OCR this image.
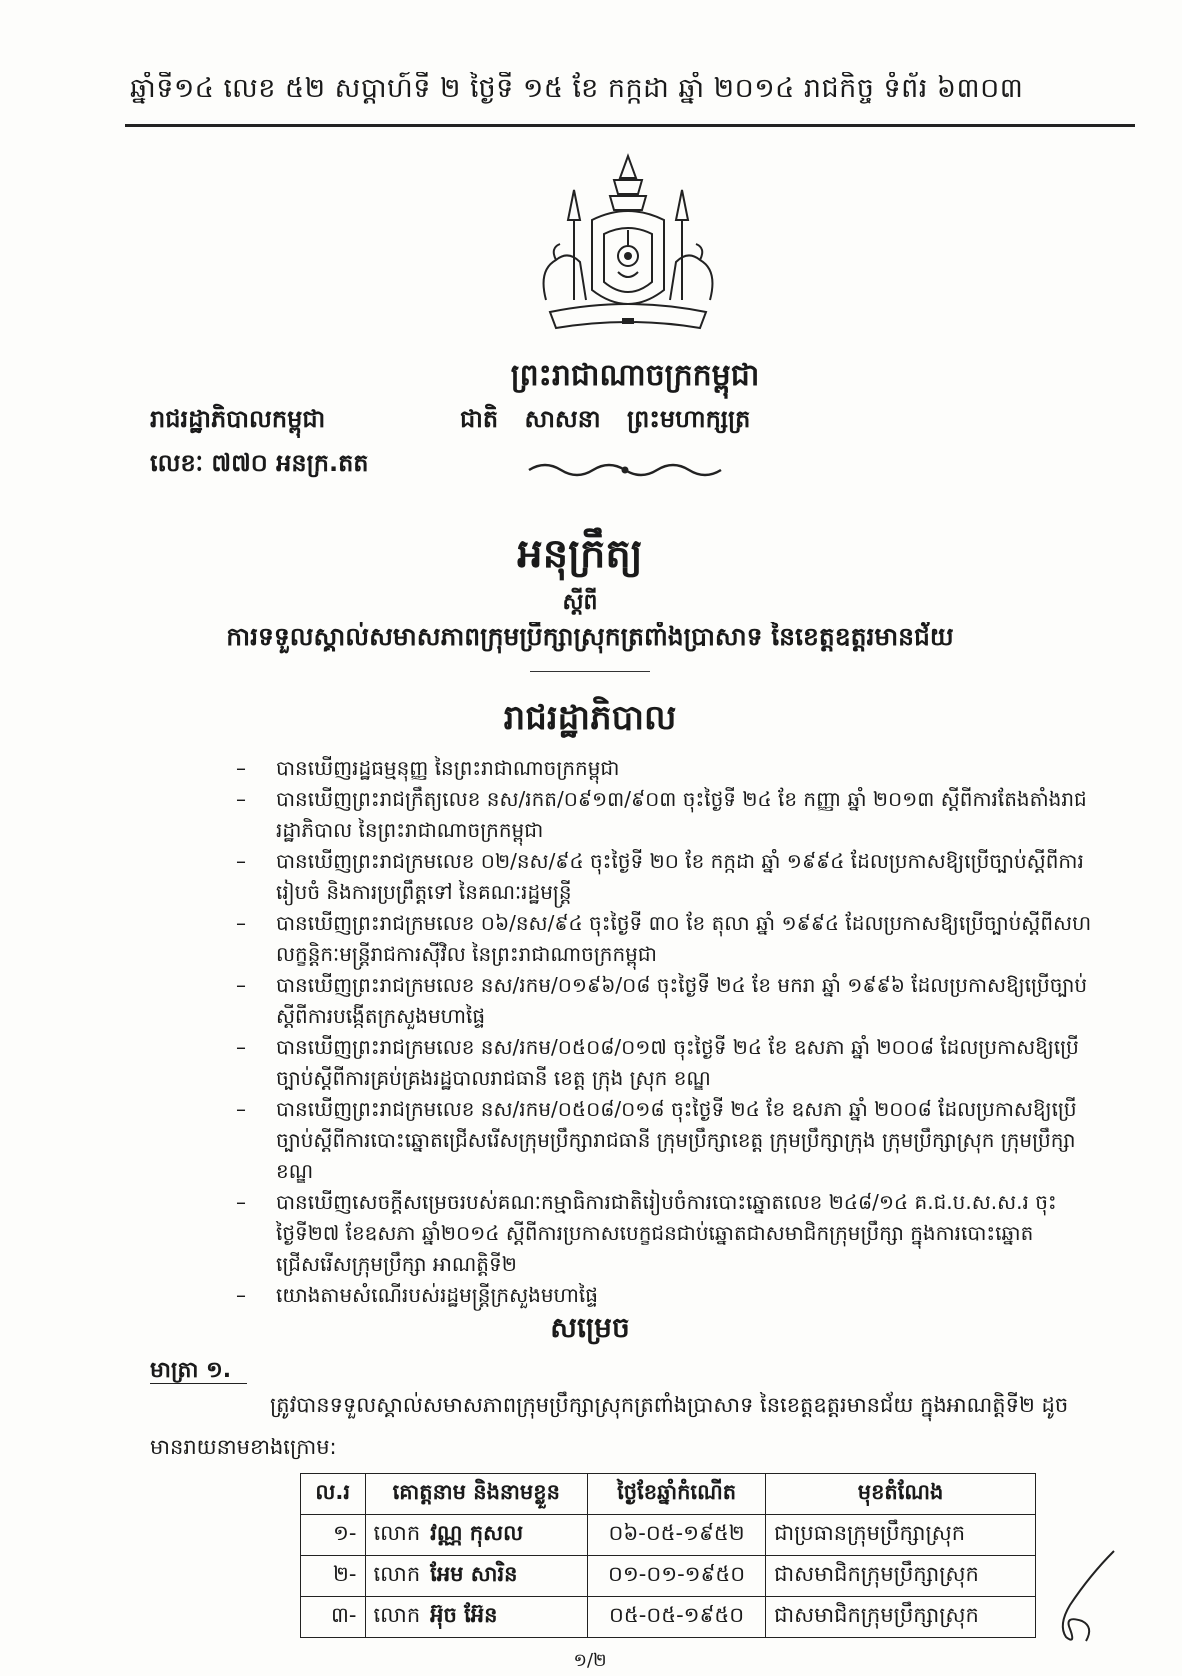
ឆ្នាំទី១៤ លេខ ៥២ សប្តាហ៍ទី ២ ថ្ងៃទី ១៥ ខែ កក្កដា ឆ្នាំ ២០១៤ រាជកិច្ច ទំព័រ ៦៣០៣
ព្រះរាជាណាចក្រកម្ពុជា
រាជរដ្ឋាភិបាលកម្ពុជា
លេខៈ ៧៧០ អនក្រ.តត
ជាតិ សាសនា ព្រះមហាក្សត្រ
អនុក្រឹត្យ
ស្តីពី
ការទទួលស្គាល់សមាសភាពក្រុមប្រឹក្សាស្រុកត្រពាំងប្រាសាទ នៃខេត្តឧត្តរមានជ័យ
រាជរដ្ឋាភិបាល
– បានឃើញរដ្ឋធម្មនុញ្ញ នៃព្រះរាជាណាចក្រកម្ពុជា
– បានឃើញព្រះរាជក្រឹត្យលេខ នស/រកត/០៩១៣/៩០៣ ចុះថ្ងៃទី ២៤ ខែ កញ្ញា ឆ្នាំ ២០១៣ ស្តីពីការតែងតាំងរាជរដ្ឋាភិបាល នៃព្រះរាជាណាចក្រកម្ពុជា
– បានឃើញព្រះរាជក្រមលេខ ០២/នស/៩៤ ចុះថ្ងៃទី ២០ ខែ កក្កដា ឆ្នាំ ១៩៩៤ ដែលប្រកាសឱ្យប្រើច្បាប់ស្តីពីការរៀបចំ និងការប្រព្រឹត្តទៅ នៃគណៈរដ្ឋមន្ត្រី
– បានឃើញព្រះរាជក្រមលេខ ០៦/នស/៩៤ ចុះថ្ងៃទី ៣០ ខែ តុលា ឆ្នាំ ១៩៩៤ ដែលប្រកាសឱ្យប្រើច្បាប់ស្តីពីសហលក្ខន្តិកៈមន្ត្រីរាជការស៊ីវិល នៃព្រះរាជាណាចក្រកម្ពុជា
– បានឃើញព្រះរាជក្រមលេខ នស/រកម/០១៩៦/០៨ ចុះថ្ងៃទី ២៤ ខែ មករា ឆ្នាំ ១៩៩៦ ដែលប្រកាសឱ្យប្រើច្បាប់ស្តីពីការបង្កើតក្រសួងមហាផ្ទៃ
– បានឃើញព្រះរាជក្រមលេខ នស/រកម/០៥០៨/០១៧ ចុះថ្ងៃទី ២៤ ខែ ឧសភា ឆ្នាំ ២០០៨ ដែលប្រកាសឱ្យប្រើច្បាប់ស្តីពីការគ្រប់គ្រងរដ្ឋបាលរាជធានី ខេត្ត ក្រុង ស្រុក ខណ្ឌ
– បានឃើញព្រះរាជក្រមលេខ នស/រកម/០៥០៨/០១៨ ចុះថ្ងៃទី ២៤ ខែ ឧសភា ឆ្នាំ ២០០៨ ដែលប្រកាសឱ្យប្រើច្បាប់ស្តីពីការបោះឆ្នោតជ្រើសរើសក្រុមប្រឹក្សារាជធានី ក្រុមប្រឹក្សាខេត្ត ក្រុមប្រឹក្សាក្រុង ក្រុមប្រឹក្សាស្រុក ក្រុមប្រឹក្សាខណ្ឌ
– បានឃើញសេចក្តីសម្រេចរបស់គណៈកម្មាធិការជាតិរៀបចំការបោះឆ្នោតលេខ ២៤៨/១៤ គ.ជ.ប.ស.ស.រ ចុះថ្ងៃទី២៧ ខែឧសភា ឆ្នាំ២០១៤ ស្តីពីការប្រកាសបេក្ខជនជាប់ឆ្នោតជាសមាជិកក្រុមប្រឹក្សា ក្នុងការបោះឆ្នោតជ្រើសរើសក្រុមប្រឹក្សា អាណត្តិទី២
– យោងតាមសំណើរបស់រដ្ឋមន្ត្រីក្រសួងមហាផ្ទៃ
សម្រេច
មាត្រា ១.
ត្រូវបានទទួលស្គាល់សមាសភាពក្រុមប្រឹក្សាស្រុកត្រពាំងប្រាសាទ នៃខេត្តឧត្តរមានជ័យ ក្នុងអាណត្តិទី២ ដូចមានរាយនាមខាងក្រោម:
ល.រ	គោត្តនាម និងនាមខ្លួន	ថ្ងៃខែឆ្នាំកំណើត	មុខតំណែង
១-	លោក វណ្ណ កុសល	០៦-០៥-១៩៥២	ជាប្រធានក្រុមប្រឹក្សាស្រុក
២-	លោក អែម សារិន	០១-០១-១៩៥០	ជាសមាជិកក្រុមប្រឹក្សាស្រុក
៣-	លោក អ៊ុច អ៊ែន	០៥-០៥-១៩៥០	ជាសមាជិកក្រុមប្រឹក្សាស្រុក
១/២
